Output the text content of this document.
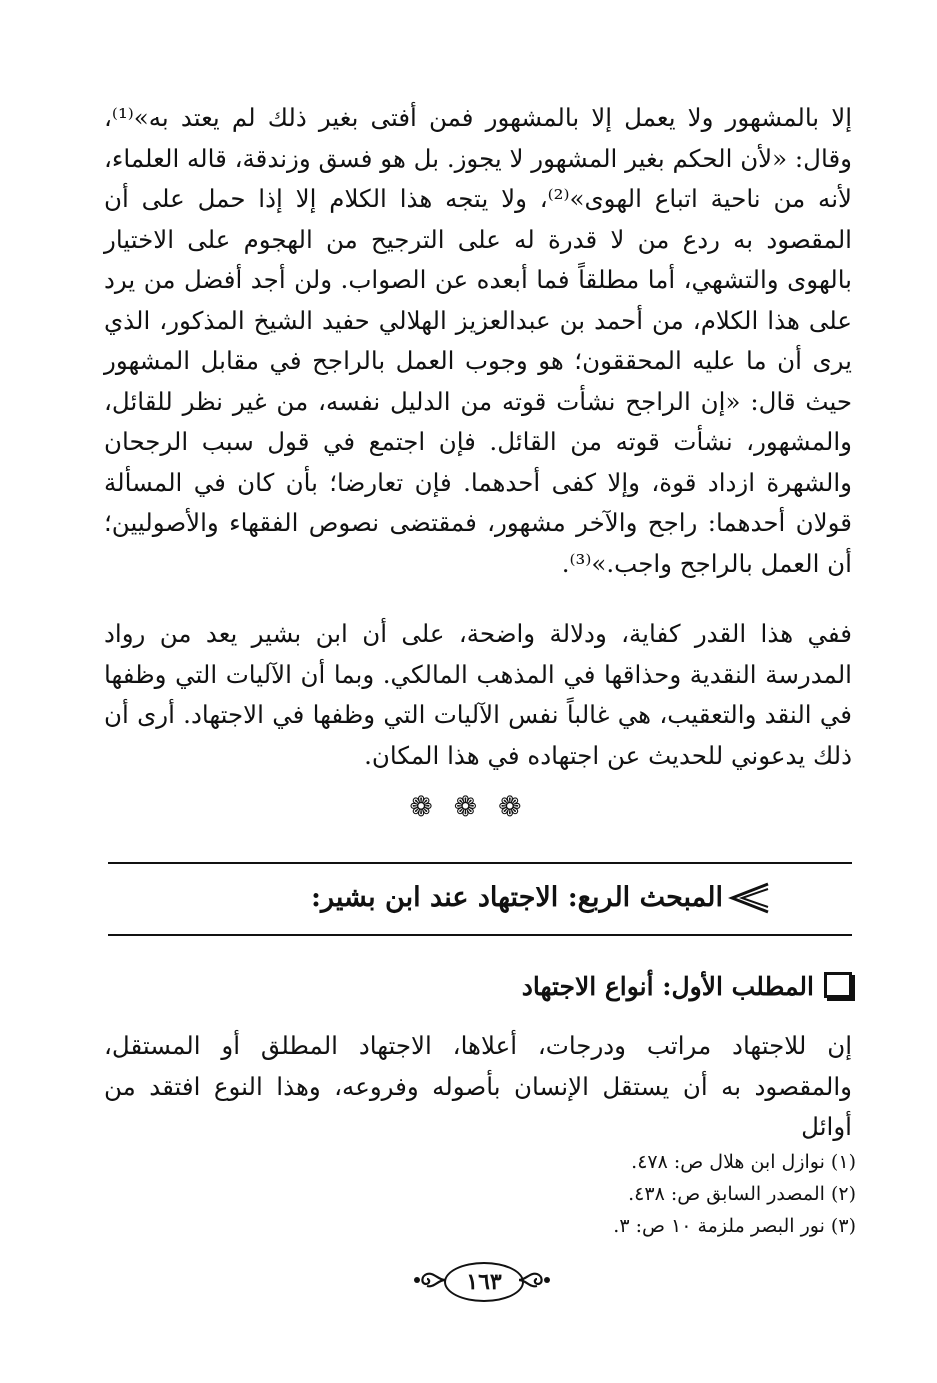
إلا بالمشهور ولا يعمل إلا بالمشهور فمن أفتى بغير ذلك لم يعتد به»⁽¹⁾، وقال: «لأن الحكم بغير المشهور لا يجوز. بل هو فسق وزندقة، قاله العلماء، لأنه من ناحية اتباع الهوى»⁽²⁾، ولا يتجه هذا الكلام إلا إذا حمل على أن المقصود به ردع من لا قدرة له على الترجيح من الهجوم على الاختيار بالهوى والتشهي، أما مطلقاً فما أبعده عن الصواب. ولن أجد أفضل من يرد على هذا الكلام، من أحمد بن عبدالعزيز الهلالي حفيد الشيخ المذكور، الذي يرى أن ما عليه المحققون؛ هو وجوب العمل بالراجح في مقابل المشهور حيث قال: «إن الراجح نشأت قوته من الدليل نفسه، من غير نظر للقائل، والمشهور، نشأت قوته من القائل. فإن اجتمع في قول سبب الرجحان والشهرة ازداد قوة، وإلا كفى أحدهما. فإن تعارضا؛ بأن كان في المسألة قولان أحدهما: راجح والآخر مشهور، فمقتضى نصوص الفقهاء والأصوليين؛ أن العمل بالراجح واجب.»⁽³⁾.

ففي هذا القدر كفاية، ودلالة واضحة، على أن ابن بشير يعد من رواد المدرسة النقدية وحذاقها في المذهب المالكي. وبما أن الآليات التي وظفها في النقد والتعقيب، هي غالباً نفس الآليات التي وظفها في الاجتهاد. أرى أن ذلك يدعوني للحديث عن اجتهاده في هذا المكان.

❁ ❁ ❁
المبحث الربع: الاجتهاد عند ابن بشير:
المطلب الأول: أنواع الاجتهاد

إن للاجتهاد مراتب ودرجات، أعلاها، الاجتهاد المطلق أو المستقل، والمقصود به أن يستقل الإنسان بأصوله وفروعه، وهذا النوع افتقد من أوائل

(١) نوازل ابن هلال ص: ٤٧٨.
(٢) المصدر السابق ص: ٤٣٨.
(٣) نور البصر ملزمة ١٠ ص: ٣.
١٦٣
